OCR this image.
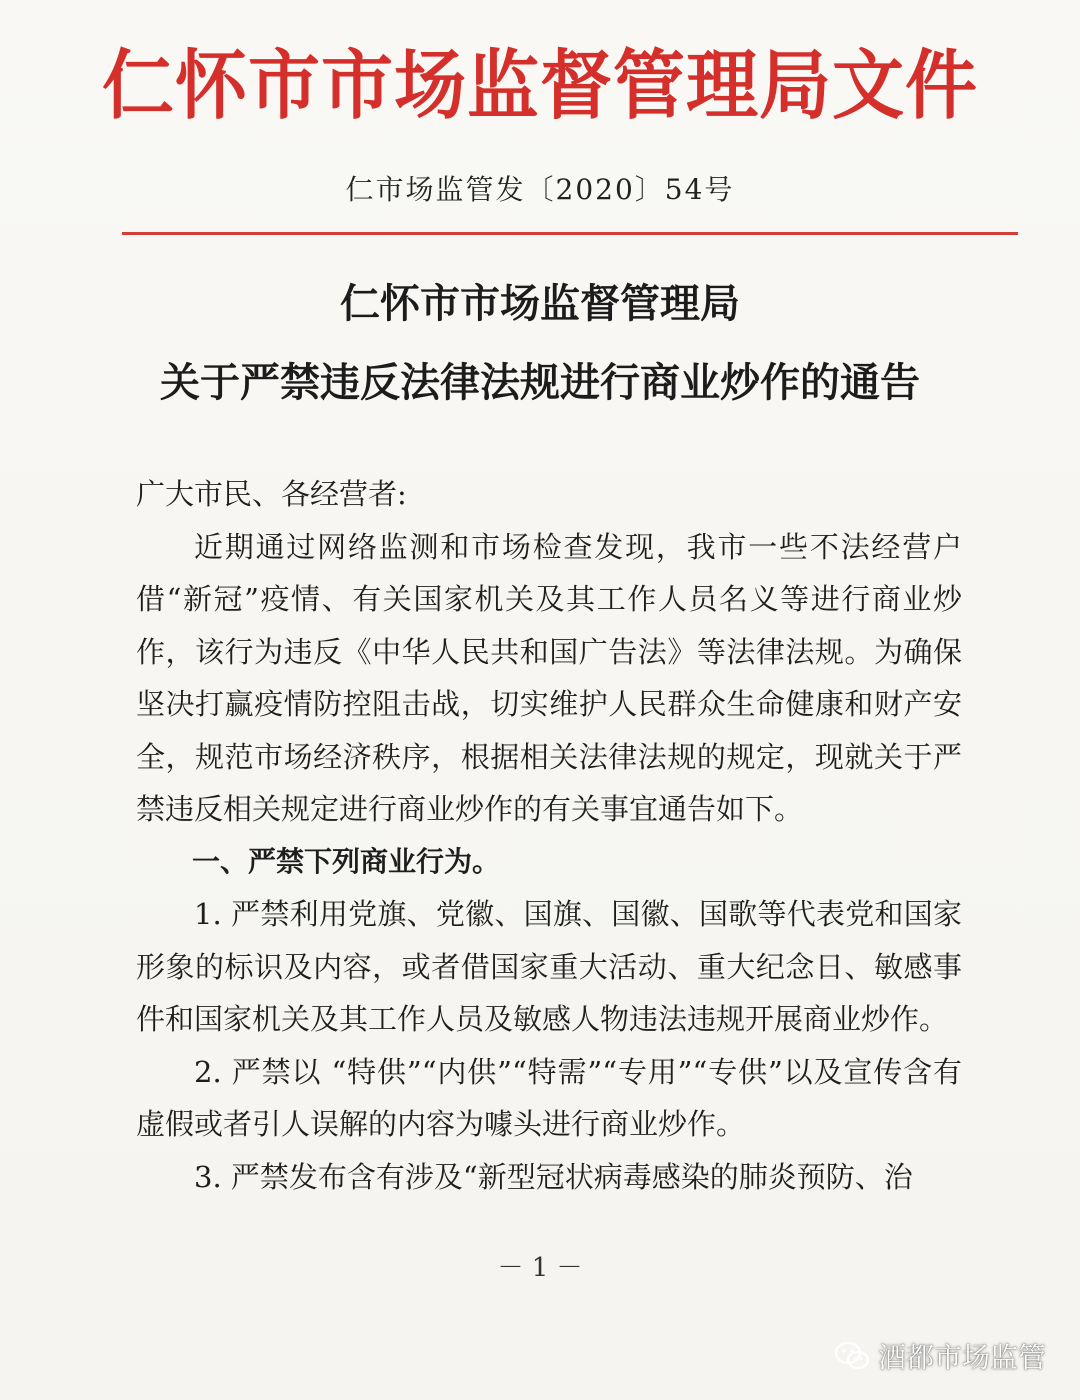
仁怀市市场监督管理局文件
仁市场监管发〔2020〕54号
仁怀市市场监督管理局
关于严禁违反法律法规进行商业炒作的通告

广大市民、各经营者:

近期通过网络监测和市场检查发现，我市一些不法经营户借“新冠”疫情、有关国家机关及其工作人员名义等进行商业炒作，该行为违反《中华人民共和国广告法》等法律法规。为确保坚决打赢疫情防控阻击战，切实维护人民群众生命健康和财产安全，规范市场经济秩序，根据相关法律法规的规定，现就关于严禁违反相关规定进行商业炒作的有关事宜通告如下。

一、严禁下列商业行为。

1. 严禁利用党旗、党徽、国旗、国徽、国歌等代表党和国家形象的标识及内容，或者借国家重大活动、重大纪念日、敏感事件和国家机关及其工作人员及敏感人物违法违规开展商业炒作。

2. 严禁以 “特供”“内供”“特需”“专用”“专供”以及宣传含有虚假或者引人误解的内容为噱头进行商业炒作。

3. 严禁发布含有涉及“新型冠状病毒感染的肺炎预防、治

－ 1 －
酒都市场监管
